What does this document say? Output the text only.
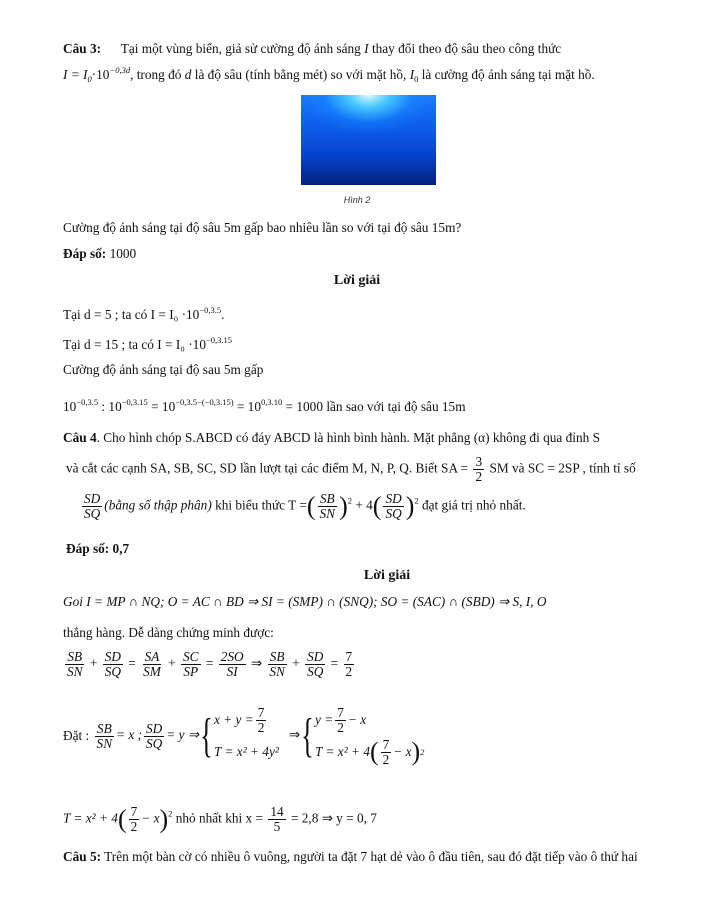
Câu 3: Tại một vùng biển, giả sử cường độ ánh sáng I thay đổi theo độ sâu theo công thức
$I = I_0\cdot 10^{-0,3d}$, trong đó d là độ sâu (tính bằng mét) so với mặt hồ, $I_0$ là cường độ ánh sáng tại mặt hồ.
Hình 2
Cường độ ánh sáng tại độ sâu 5m gấp bao nhiêu lần so với tại độ sâu 15m?
Đáp số: 1000
Lời giải
Tại d = 5 ; ta có $I = I_0 \cdot 10^{-0,3.5}$.
Tại d = 15 ; ta có $I = I_0 \cdot 10^{-0,3.15}$
Cường độ ánh sáng tại độ sau 5m gấp
$10^{-0,3.5}$ : $10^{-0,3.15} = 10^{-0,3.5-(-0,3.15)} = 10^{0,3.10} = 1000$ lần sao với tại độ sâu 15m
Câu 4. Cho hình chóp S.ABCD có đáy ABCD là hình bình hành. Mặt phẳng (α) không đi qua đỉnh S
và cắt các cạnh SA, SB, SC, SD lần lượt tại các điểm M, N, P, Q. Biết SA = $\frac{3}{2}$ SM và SC = 2SP , tính tỉ số
$\frac{SD}{SQ}$ (bằng số thập phân) khi biểu thức T =( $\frac{SB}{SN} )^2 + 4( \frac{SD}{SQ} )^2$ đạt giá trị nhỏ nhất.
Đáp số: 0,7
Lời giải
Goi I = MP ∩ NQ; O = AC ∩ BD ⇒ SI = (SMP) ∩ (SNQ); SO = (SAC) ∩ (SBD) ⇒ S, I, O
thẳng hàng. Dễ dàng chứng minh được:
$\frac{SB}{SN} + \frac{SD}{SQ} = \frac{SA}{SM} + \frac{SC}{SP} = \frac{2SO}{SI}$ ⇒ $\frac{SB}{SN} + \frac{SD}{SQ} = \frac{7}{2}$
Đặt : $\frac{SB}{SN} = x$ ; $\frac{SD}{SQ} = y$ ⇒{ $x + y = \frac{7}{2}$
T = x² + 4y²
⇒{ $y = \frac{7}{2} - x$
T = x² + 4 ( $\frac{7}{2} - x$ ) 2
$T = x^2 + 4( \frac{7}{2} - x)^2$ nhỏ nhất khi $x = \frac{14}{5} = 2,8$ ⇒ y = 0, 7
Câu 5: Trên một bàn cờ có nhiều ô vuông, người ta đặt 7 hạt dẻ vào ô đầu tiên, sau đó đặt tiếp vào ô thứ hai
